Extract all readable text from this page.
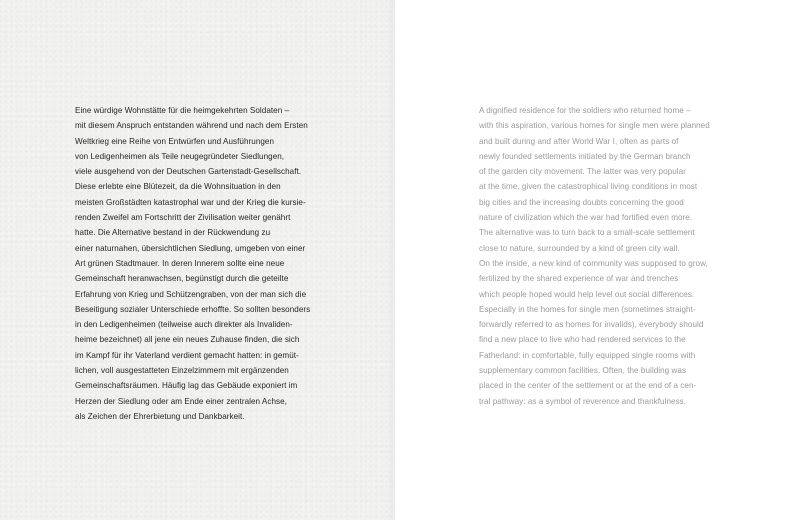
Eine würdige Wohnstätte für die heimgekehrten Soldaten –
mit diesem Anspruch entstanden während und nach dem Ersten
Weltkrieg eine Reihe von Entwürfen und Ausführungen
von Ledigenheimen als Teile neugegründeter Siedlungen,
viele ausgehend von der Deutschen Gartenstadt-Gesellschaft.
Diese erlebte eine Blütezeit, da die Wohnsituation in den
meisten Großstädten katastrophal war und der Krieg die kursie-
renden Zweifel am Fortschritt der Zivilisation weiter genährt
hatte. Die Alternative bestand in der Rückwendung zu
einer naturnahen, übersichtlichen Siedlung, umgeben von einer
Art grünen Stadtmauer. In deren Innerem sollte eine neue
Gemeinschaft heranwachsen, begünstigt durch die geteilte
Erfahrung von Krieg und Schützengraben, von der man sich die
Beseitigung sozialer Unterschiede erhoffte. So sollten besonders
in den Ledigenheimen (teilweise auch direkter als Invaliden-
heime bezeichnet) all jene ein neues Zuhause finden, die sich
im Kampf für ihr Vaterland verdient gemacht hatten: in gemüt-
lichen, voll ausgestatteten Einzelzimmern mit ergänzenden
Gemeinschaftsräumen. Häufig lag das Gebäude exponiert im
Herzen der Siedlung oder am Ende einer zentralen Achse,
als Zeichen der Ehrerbietung und Dankbarkeit.
A dignified residence for the soldiers who returned home –
with this aspiration, various homes for single men were planned
and built during and after World War I, often as parts of
newly founded settlements initiated by the German branch
of the garden city movement. The latter was very popular
at the time, given the catastrophical living conditions in most
big cities and the increasing doubts concerning the good
nature of civilization which the war had fortified even more.
The alternative was to turn back to a small-scale settlement
close to nature, surrounded by a kind of green city wall.
On the inside, a new kind of community was supposed to grow,
fertilized by the shared experience of war and trenches
which people hoped would help level out social differences.
Especially in the homes for single men (sometimes straight-
forwardly referred to as homes for invalids), everybody should
find a new place to live who had rendered services to the
Fatherland: in comfortable, fully equipped single rooms with
supplementary common facilities. Often, the building was
placed in the center of the settlement or at the end of a cen-
tral pathway: as a symbol of reverence and thankfulness.
